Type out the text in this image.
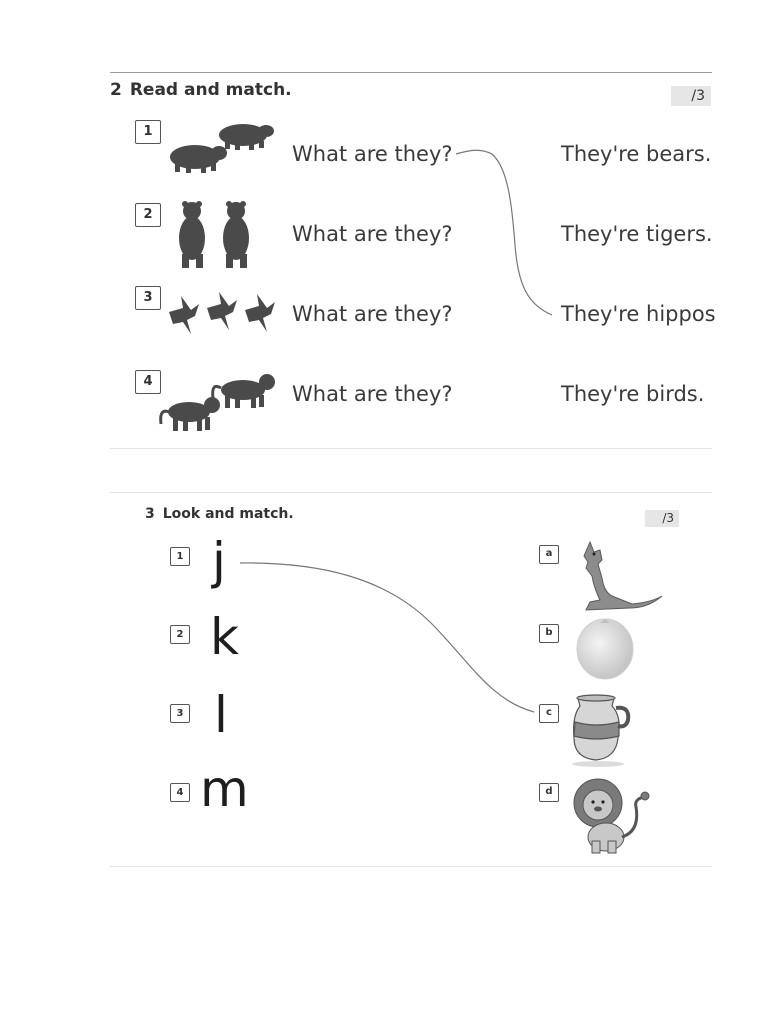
2 Read and match.	/3
1
2
3
4
What are they?
What are they?
What are they?
What are they?
They're bears.
They're tigers.
They're hippos
They're birds.
3 Look and match.	/3
1
2
3
4
j
k
l
m
a
b
c
d
